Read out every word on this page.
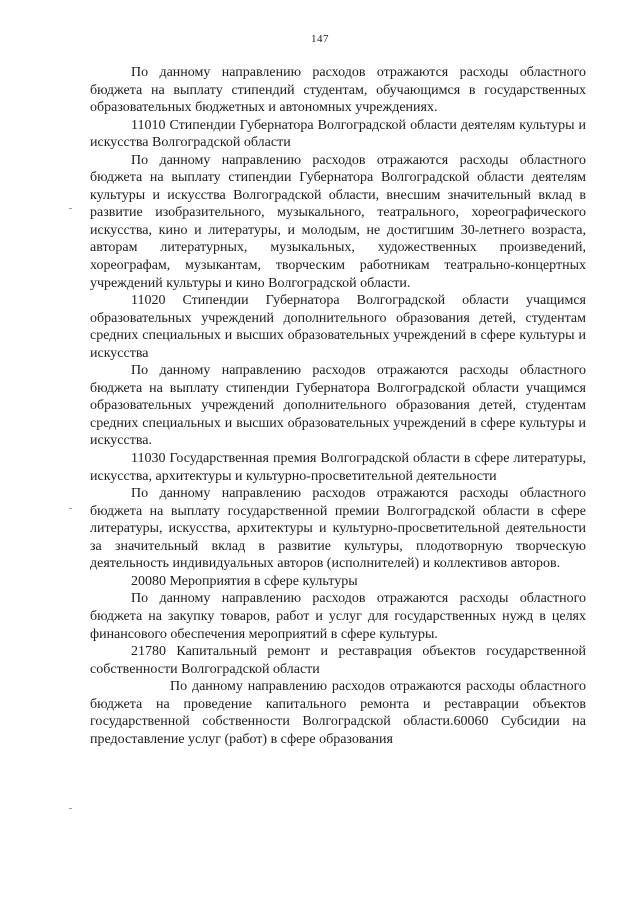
147

По данному направлению расходов отражаются расходы областного бюджета на выплату стипендий студентам, обучающимся в государственных образовательных бюджетных и автономных учреждениях.

11010 Стипендии Губернатора Волгоградской области деятелям культуры и искусства Волгоградской области

По данному направлению расходов отражаются расходы областного бюджета на выплату стипендии Губернатора Волгоградской области деятелям культуры и искусства Волгоградской области, внесшим значительный вклад в развитие изобразительного, музыкального, театрального, хореографического искусства, кино и литературы, и молодым, не достигшим 30-летнего возраста, авторам литературных, музыкальных, художественных произведений, хореографам, музыкантам, творческим работникам театрально-концертных учреждений культуры и кино Волгоградской области.

11020 Стипендии Губернатора Волгоградской области учащимся образовательных учреждений дополнительного образования детей, студентам средних специальных и высших образовательных учреждений в сфере культуры и искусства

По данному направлению расходов отражаются расходы областного бюджета на выплату стипендии Губернатора Волгоградской области учащимся образовательных учреждений дополнительного образования детей, студентам средних специальных и высших образовательных учреждений в сфере культуры и искусства.

11030 Государственная премия Волгоградской области в сфере литературы, искусства, архитектуры и культурно-просветительной деятельности

По данному направлению расходов отражаются расходы областного бюджета на выплату государственной премии Волгоградской области в сфере литературы, искусства, архитектуры и культурно-просветительной деятельности за значительный вклад в развитие культуры, плодотворную творческую деятельность индивидуальных авторов (исполнителей) и коллективов авторов.

20080 Мероприятия в сфере культуры

По данному направлению расходов отражаются расходы областного бюджета на закупку товаров, работ и услуг для государственных нужд в целях финансового обеспечения мероприятий в сфере культуры.

21780 Капитальный ремонт и реставрация объектов государственной собственности Волгоградской области

По данному направлению расходов отражаются расходы областного бюджета на проведение капитального ремонта и реставрации объектов государственной собственности Волгоградской области.60060 Субсидии на предоставление услуг (работ) в сфере образования
